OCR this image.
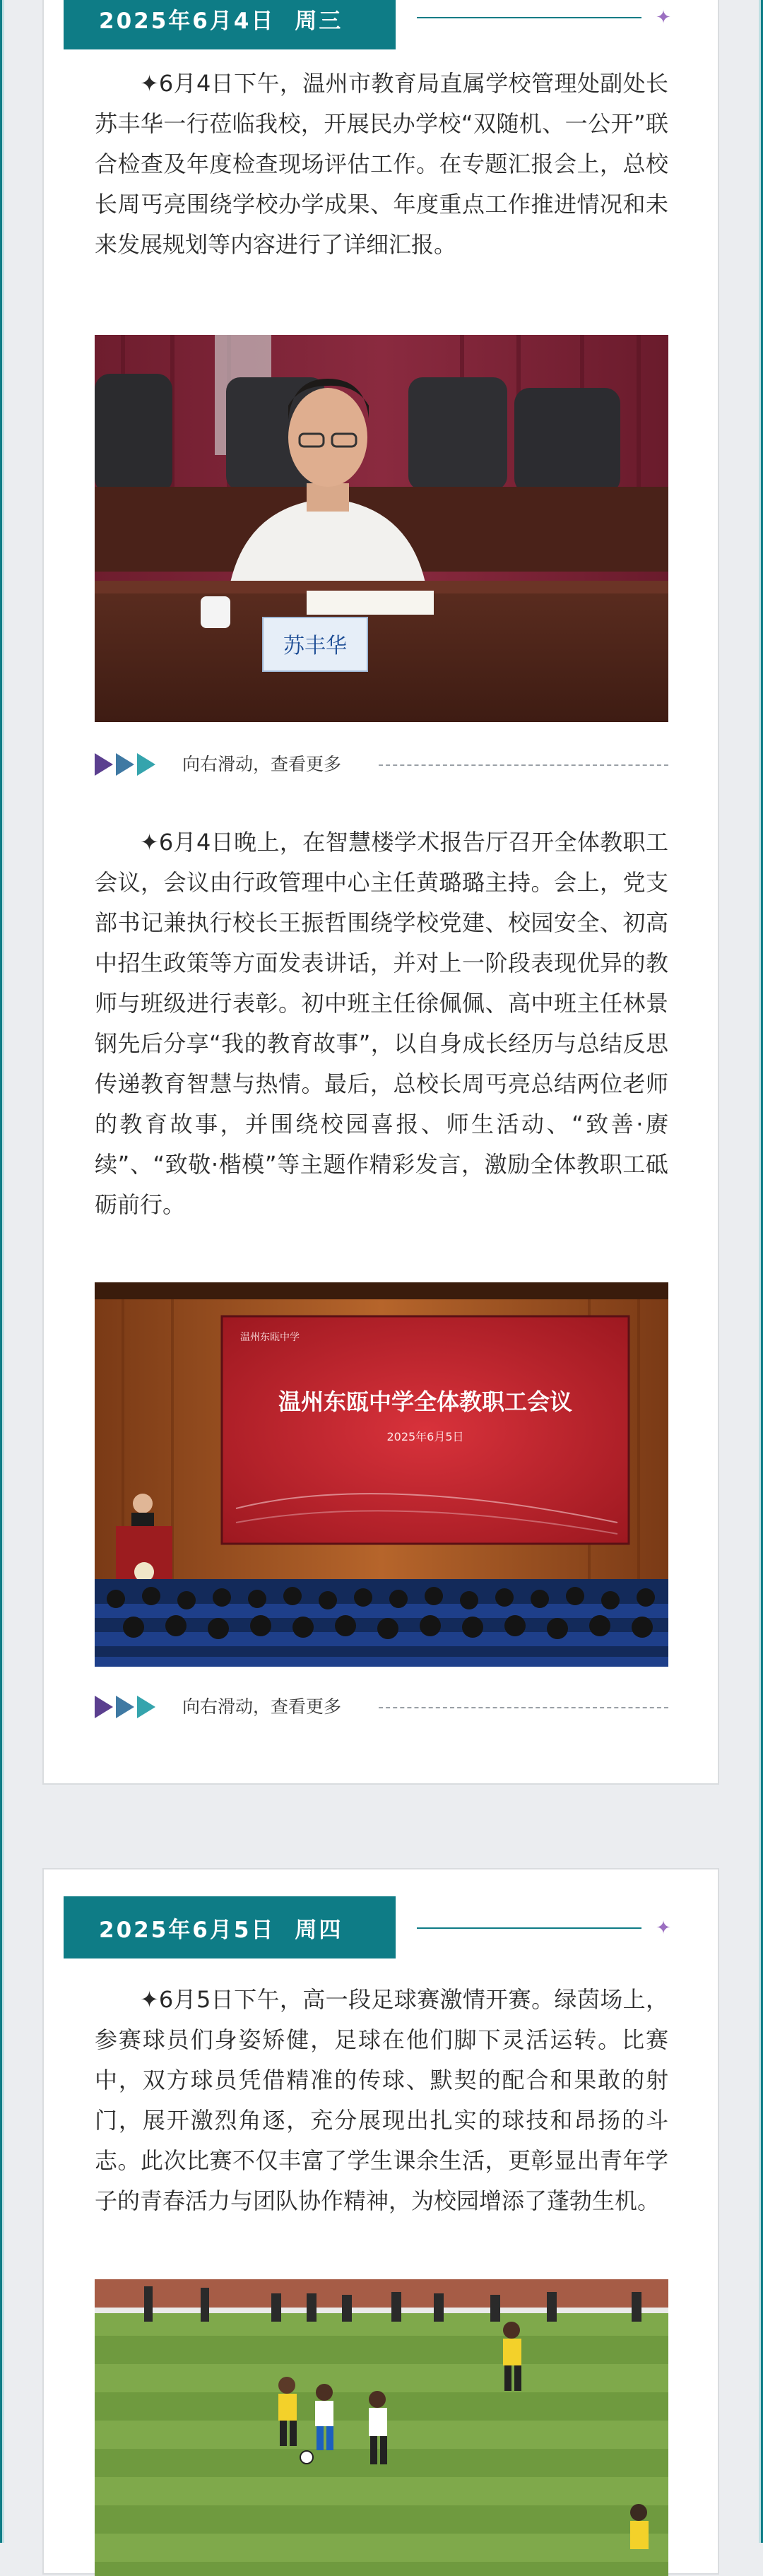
2025年6月4日 周三	✦

✦6月4日下午，温州市教育局直属学校管理处副处长苏丰华一行莅临我校，开展民办学校“双随机、一公开”联合检查及年度检查现场评估工作。在专题汇报会上，总校长周丐亮围绕学校办学成果、年度重点工作推进情况和未来发展规划等内容进行了详细汇报。

苏丰华
向右滑动，查看更多

✦6月4日晚上，在智慧楼学术报告厅召开全体教职工会议，会议由行政管理中心主任黄璐璐主持。会上，党支部书记兼执行校长王振哲围绕学校党建、校园安全、初高中招生政策等方面发表讲话，并对上一阶段表现优异的教师与班级进行表彰。初中班主任徐佩佩、高中班主任林景钢先后分享“我的教育故事”，以自身成长经历与总结反思传递教育智慧与热情。最后，总校长周丐亮总结两位老师的教育故事，并围绕校园喜报、师生活动、“致善·赓续”、“致敬·楷模”等主题作精彩发言，激励全体教职工砥砺前行。

温州东瓯中学
温州东瓯中学全体教职工会议
2025年6月5日
向右滑动，查看更多
2025年6月5日 周四	✦

✦6月5日下午，高一段足球赛激情开赛。绿茵场上，参赛球员们身姿矫健，足球在他们脚下灵活运转。比赛中，双方球员凭借精准的传球、默契的配合和果敢的射门，展开激烈角逐，充分展现出扎实的球技和昂扬的斗志。此次比赛不仅丰富了学生课余生活，更彰显出青年学子的青春活力与团队协作精神，为校园增添了蓬勃生机。
